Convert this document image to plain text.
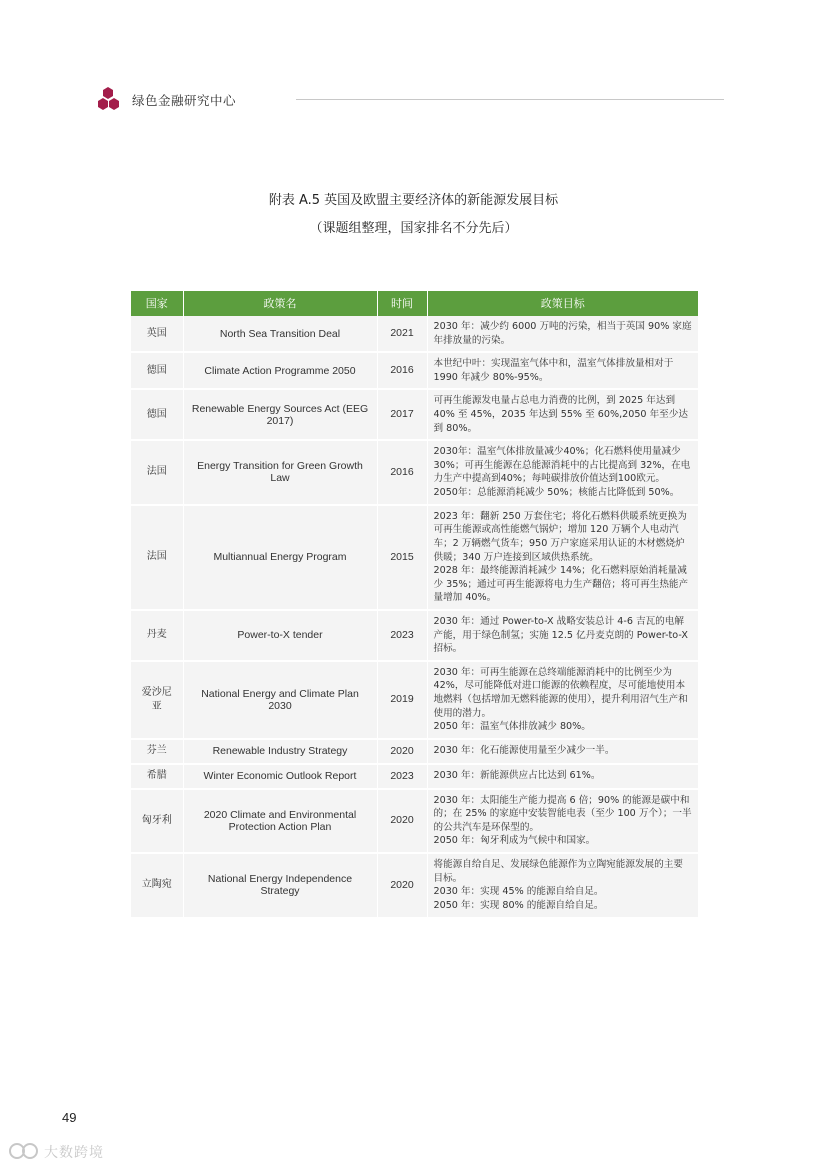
绿色金融研究中心
附表 A.5 英国及欧盟主要经济体的新能源发展目标
（课题组整理，国家排名不分先后）
国家	政策名	时间	政策目标
英国	North Sea Transition Deal	2021	2030 年：减少约 6000 万吨的污染，相当于英国 90% 家庭年排放量的污染。

德国	Climate Action Programme 2050	2016	本世纪中叶：实现温室气体中和，温室气体排放量相对于 1990 年减少 80%-95%。

德国	Renewable Energy Sources Act (EEG 2017)	2017	可再生能源发电量占总电力消费的比例，到 2025 年达到 40% 至 45%，2035 年达到 55% 至 60%,2050 年至少达到 80%。

法国	Energy Transition for Green Growth Law	2016	2030年：温室气体排放量减少40%；化石燃料使用量减少30%；可再生能源在总能源消耗中的占比提高到 32%，在电力生产中提高到40%；每吨碳排放价值达到100欧元。
2050年：总能源消耗减少 50%；核能占比降低到 50%。

法国	Multiannual Energy Program	2015	2023 年：翻新 250 万套住宅；将化石燃料供暖系统更换为可再生能源或高性能燃气锅炉；增加 120 万辆个人电动汽车；2 万辆燃气货车；950 万户家庭采用认证的木材燃烧炉供暖；340 万户连接到区域供热系统。
2028 年：最终能源消耗减少 14%；化石燃料原始消耗量减少 35%；通过可再生能源将电力生产翻倍；将可再生热能产量增加 40%。

丹麦	Power-to-X tender	2023	2030 年：通过 Power-to-X 战略安装总计 4-6 吉瓦的电解产能，用于绿色制氢；实施 12.5 亿丹麦克朗的 Power-to-X 招标。

爱沙尼亚	National Energy and Climate Plan 2030	2019	2030 年：可再生能源在总终端能源消耗中的比例至少为 42%，尽可能降低对进口能源的依赖程度，尽可能地使用本地燃料（包括增加无燃料能源的使用），提升利用沼气生产和使用的潜力。
2050 年：温室气体排放减少 80%。

芬兰	Renewable Industry Strategy	2020	2030 年：化石能源使用量至少减少一半。

希腊	Winter Economic Outlook Report	2023	2030 年：新能源供应占比达到 61%。

匈牙利	2020 Climate and Environmental Protection Action Plan	2020	2030 年：太阳能生产能力提高 6 倍；90% 的能源是碳中和的；在 25% 的家庭中安装智能电表（至少 100 万个）；一半的公共汽车是环保型的。
2050 年：匈牙利成为气候中和国家。

立陶宛	National Energy Independence Strategy	2020	将能源自给自足、发展绿色能源作为立陶宛能源发展的主要目标。
2030 年：实现 45% 的能源自给自足。
2050 年：实现 80% 的能源自给自足。
49
大数跨境
